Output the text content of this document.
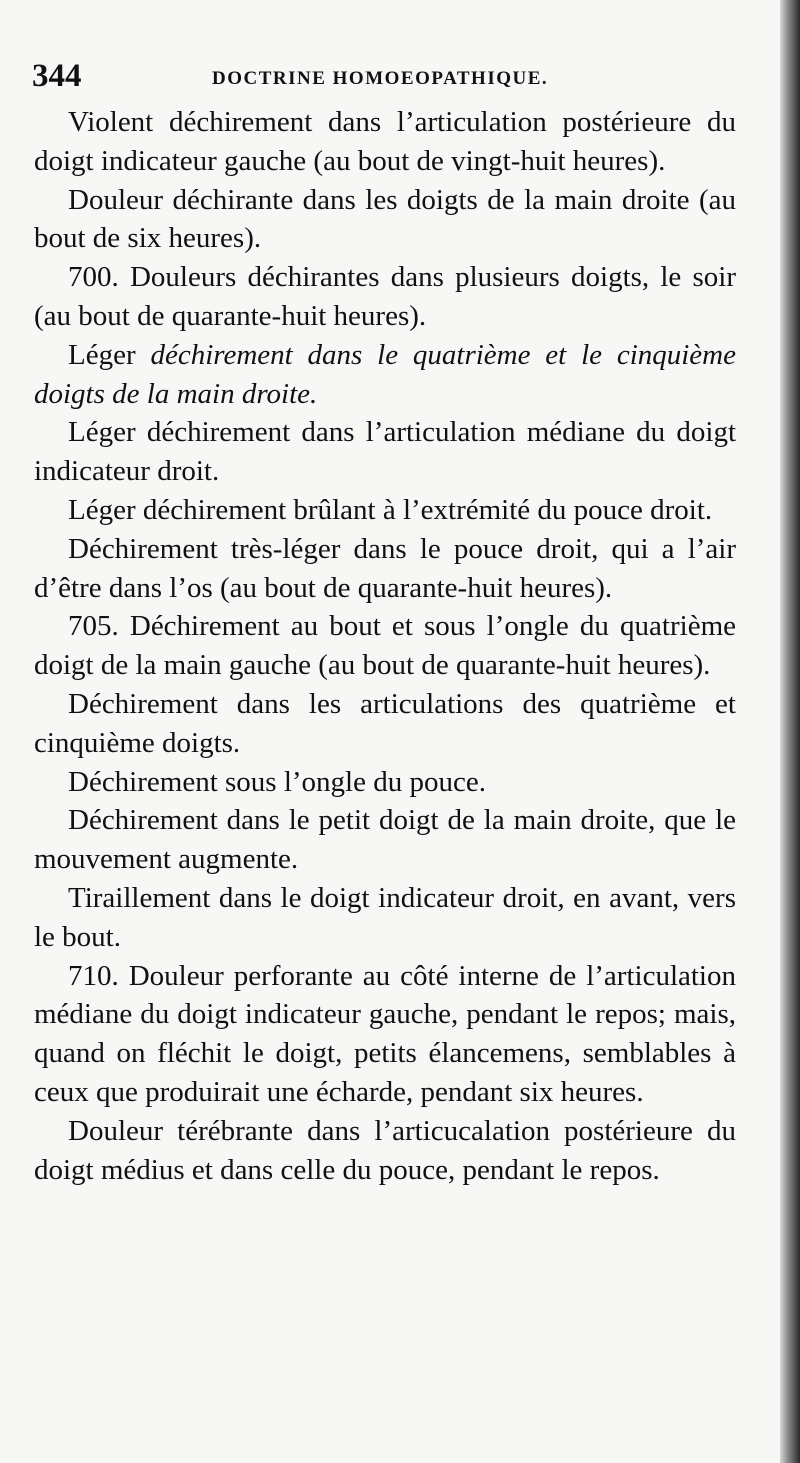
344	DOCTRINE HOMOEOPATHIQUE.

Violent déchirement dans l’articulation postérieure du doigt indicateur gauche (au bout de vingt-huit heures).

Douleur déchirante dans les doigts de la main droite (au bout de six heures).

700. Douleurs déchirantes dans plusieurs doigts, le soir (au bout de quarante-huit heures).

Léger déchirement dans le quatrième et le cinquième doigts de la main droite.

Léger déchirement dans l’articulation médiane du doigt indicateur droit.

Léger déchirement brûlant à l’extrémité du pouce droit.

Déchirement très-léger dans le pouce droit, qui a l’air d’être dans l’os (au bout de quarante-huit heures).

705. Déchirement au bout et sous l’ongle du quatrième doigt de la main gauche (au bout de quarante-huit heures).

Déchirement dans les articulations des quatrième et cinquième doigts.

Déchirement sous l’ongle du pouce.

Déchirement dans le petit doigt de la main droite, que le mouvement augmente.

Tiraillement dans le doigt indicateur droit, en avant, vers le bout.

710. Douleur perforante au côté interne de l’articulation médiane du doigt indicateur gauche, pendant le repos; mais, quand on fléchit le doigt, petits élancemens, semblables à ceux que produirait une écharde, pendant six heures.

Douleur térébrante dans l’articucalation postérieure du doigt médius et dans celle du pouce, pendant le repos.
